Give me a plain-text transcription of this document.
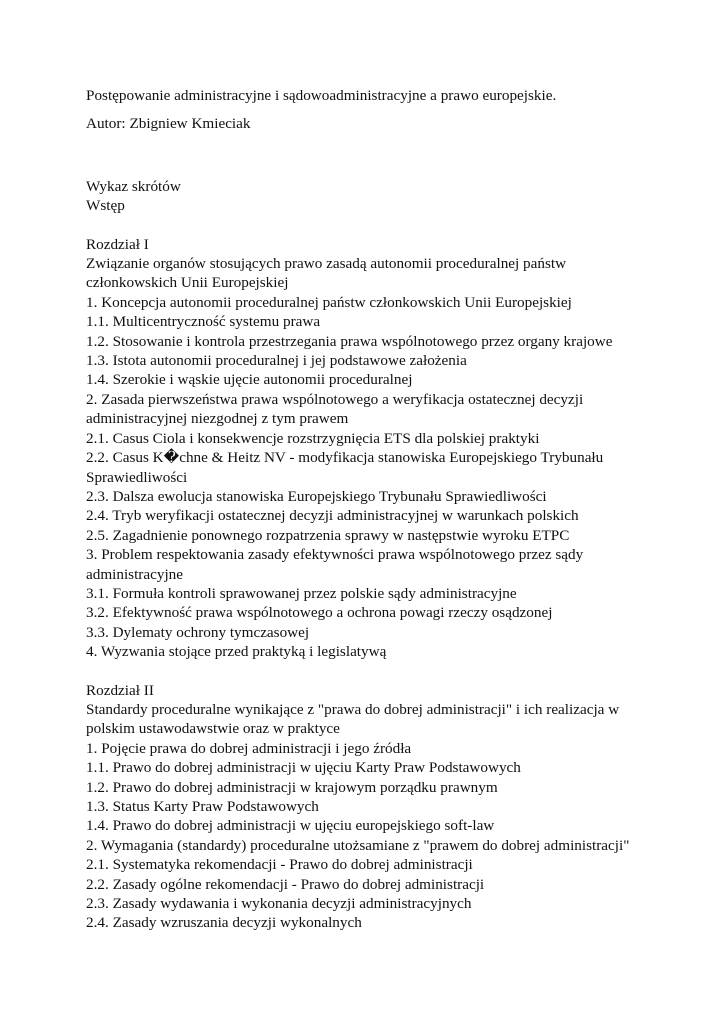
Postępowanie administracyjne i sądowoadministracyjne a prawo europejskie.
Autor: Zbigniew Kmieciak
Wykaz skrótów
Wstęp
Rozdział I
Związanie organów stosujących prawo zasadą autonomii proceduralnej państw
członkowskich Unii Europejskiej
1. Koncepcja autonomii proceduralnej państw członkowskich Unii Europejskiej
1.1. Multicentryczność systemu prawa
1.2. Stosowanie i kontrola przestrzegania prawa wspólnotowego przez organy krajowe
1.3. Istota autonomii proceduralnej i jej podstawowe założenia
1.4. Szerokie i wąskie ujęcie autonomii proceduralnej
2. Zasada pierwszeństwa prawa wspólnotowego a weryfikacja ostatecznej decyzji
administracyjnej niezgodnej z tym prawem
2.1. Casus Ciola i konsekwencje rozstrzygnięcia ETS dla polskiej praktyki
2.2. Casus K�chne & Heitz NV - modyfikacja stanowiska Europejskiego Trybunału
Sprawiedliwości
2.3. Dalsza ewolucja stanowiska Europejskiego Trybunału Sprawiedliwości
2.4. Tryb weryfikacji ostatecznej decyzji administracyjnej w warunkach polskich
2.5. Zagadnienie ponownego rozpatrzenia sprawy w następstwie wyroku ETPC
3. Problem respektowania zasady efektywności prawa wspólnotowego przez sądy
administracyjne
3.1. Formuła kontroli sprawowanej przez polskie sądy administracyjne
3.2. Efektywność prawa wspólnotowego a ochrona powagi rzeczy osądzonej
3.3. Dylematy ochrony tymczasowej
4. Wyzwania stojące przed praktyką i legislatywą
Rozdział II
Standardy proceduralne wynikające z "prawa do dobrej administracji" i ich realizacja w
polskim ustawodawstwie oraz w praktyce
1. Pojęcie prawa do dobrej administracji i jego źródła
1.1. Prawo do dobrej administracji w ujęciu Karty Praw Podstawowych
1.2. Prawo do dobrej administracji w krajowym porządku prawnym
1.3. Status Karty Praw Podstawowych
1.4. Prawo do dobrej administracji w ujęciu europejskiego soft-law
2. Wymagania (standardy) proceduralne utożsamiane z "prawem do dobrej administracji"
2.1. Systematyka rekomendacji - Prawo do dobrej administracji
2.2. Zasady ogólne rekomendacji - Prawo do dobrej administracji
2.3. Zasady wydawania i wykonania decyzji administracyjnych
2.4. Zasady wzruszania decyzji wykonalnych
